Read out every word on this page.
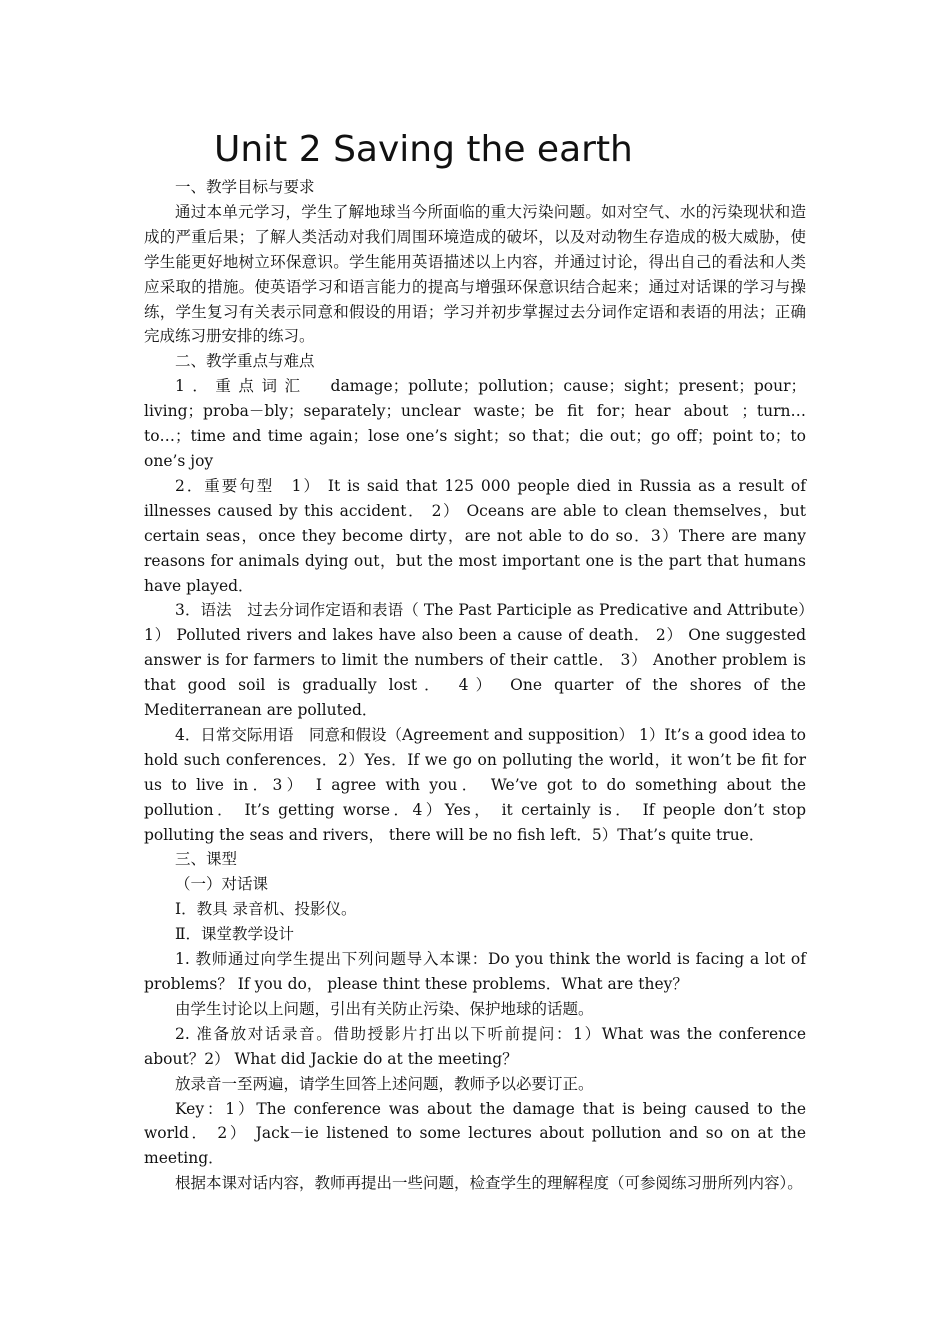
Unit 2 Saving the earth

一、教学目标与要求

通过本单元学习，学生了解地球当今所面临的重大污染问题。如对空气、水的污染现状和造成的严重后果；了解人类活动对我们周围环境造成的破坏，以及对动物生存造成的极大威胁，使学生能更好地树立环保意识。学生能用英语描述以上内容，并通过讨论，得出自己的看法和人类应采取的措施。使英语学习和语言能力的提高与增强环保意识结合起来；通过对话课的学习与操练，学生复习有关表示同意和假设的用语；学习并初步掌握过去分词作定语和表语的用法；正确完成练习册安排的练习。

二、教学重点与难点

1．重点词汇　damage；pollute；pollution；cause；sight；present；pour；living；proba－bly；separately；unclear waste；be fit for；hear about ；turn…to…；time and time again；lose one’s sight；so that；die out；go off；point to；to one’s joy

2．重要句型　1） It is said that 125 000 people died in Russia as a result of illnesses caused by this accident． 2） Oceans are able to clean themselves，but certain seas，once they become dirty，are not able to do so．3）There are many reasons for animals dying out，but the most important one is the part that humans have played．

3．语法　过去分词作定语和表语（ The Past Participle as Predicative and Attribute）1） Polluted rivers and lakes have also been a cause of death． 2） One suggested answer is for farmers to limit the numbers of their cattle． 3） Another problem is that good soil is gradually lost． 4） One quarter of the shores of the Mediterranean are polluted．

4．日常交际用语　同意和假设（Agreement and supposition） 1）It’s a good idea to hold such conferences．2）Yes．If we go on polluting the world，it won’t be fit for us to live in．3） I agree with you． We’ve got to do something about the pollution． It’s getting worse．4）Yes， it certainly is． If people don’t stop polluting the seas and rivers， there will be no fish left．5）That’s quite true．

三、课型

（一）对话课

Ⅰ．教具 录音机、投影仪。

Ⅱ．课堂教学设计

1. 教师通过向学生提出下列问题导入本课：Do you think the world is facing a lot of problems？ If you do， please thint these problems．What are they？

由学生讨论以上问题，引出有关防止污染、保护地球的话题。

2. 准备放对话录音。借助授影片打出以下听前提问：1）What was the conference about？2） What did Jackie do at the meeting？

放录音一至两遍，请学生回答上述问题，教师予以必要订正。

Key：1）The conference was about the damage that is being caused to the world． 2） Jack－ie listened to some lectures about pollution and so on at the meeting．

根据本课对话内容，教师再提出一些问题，检查学生的理解程度（可参阅练习册所列内容）。
